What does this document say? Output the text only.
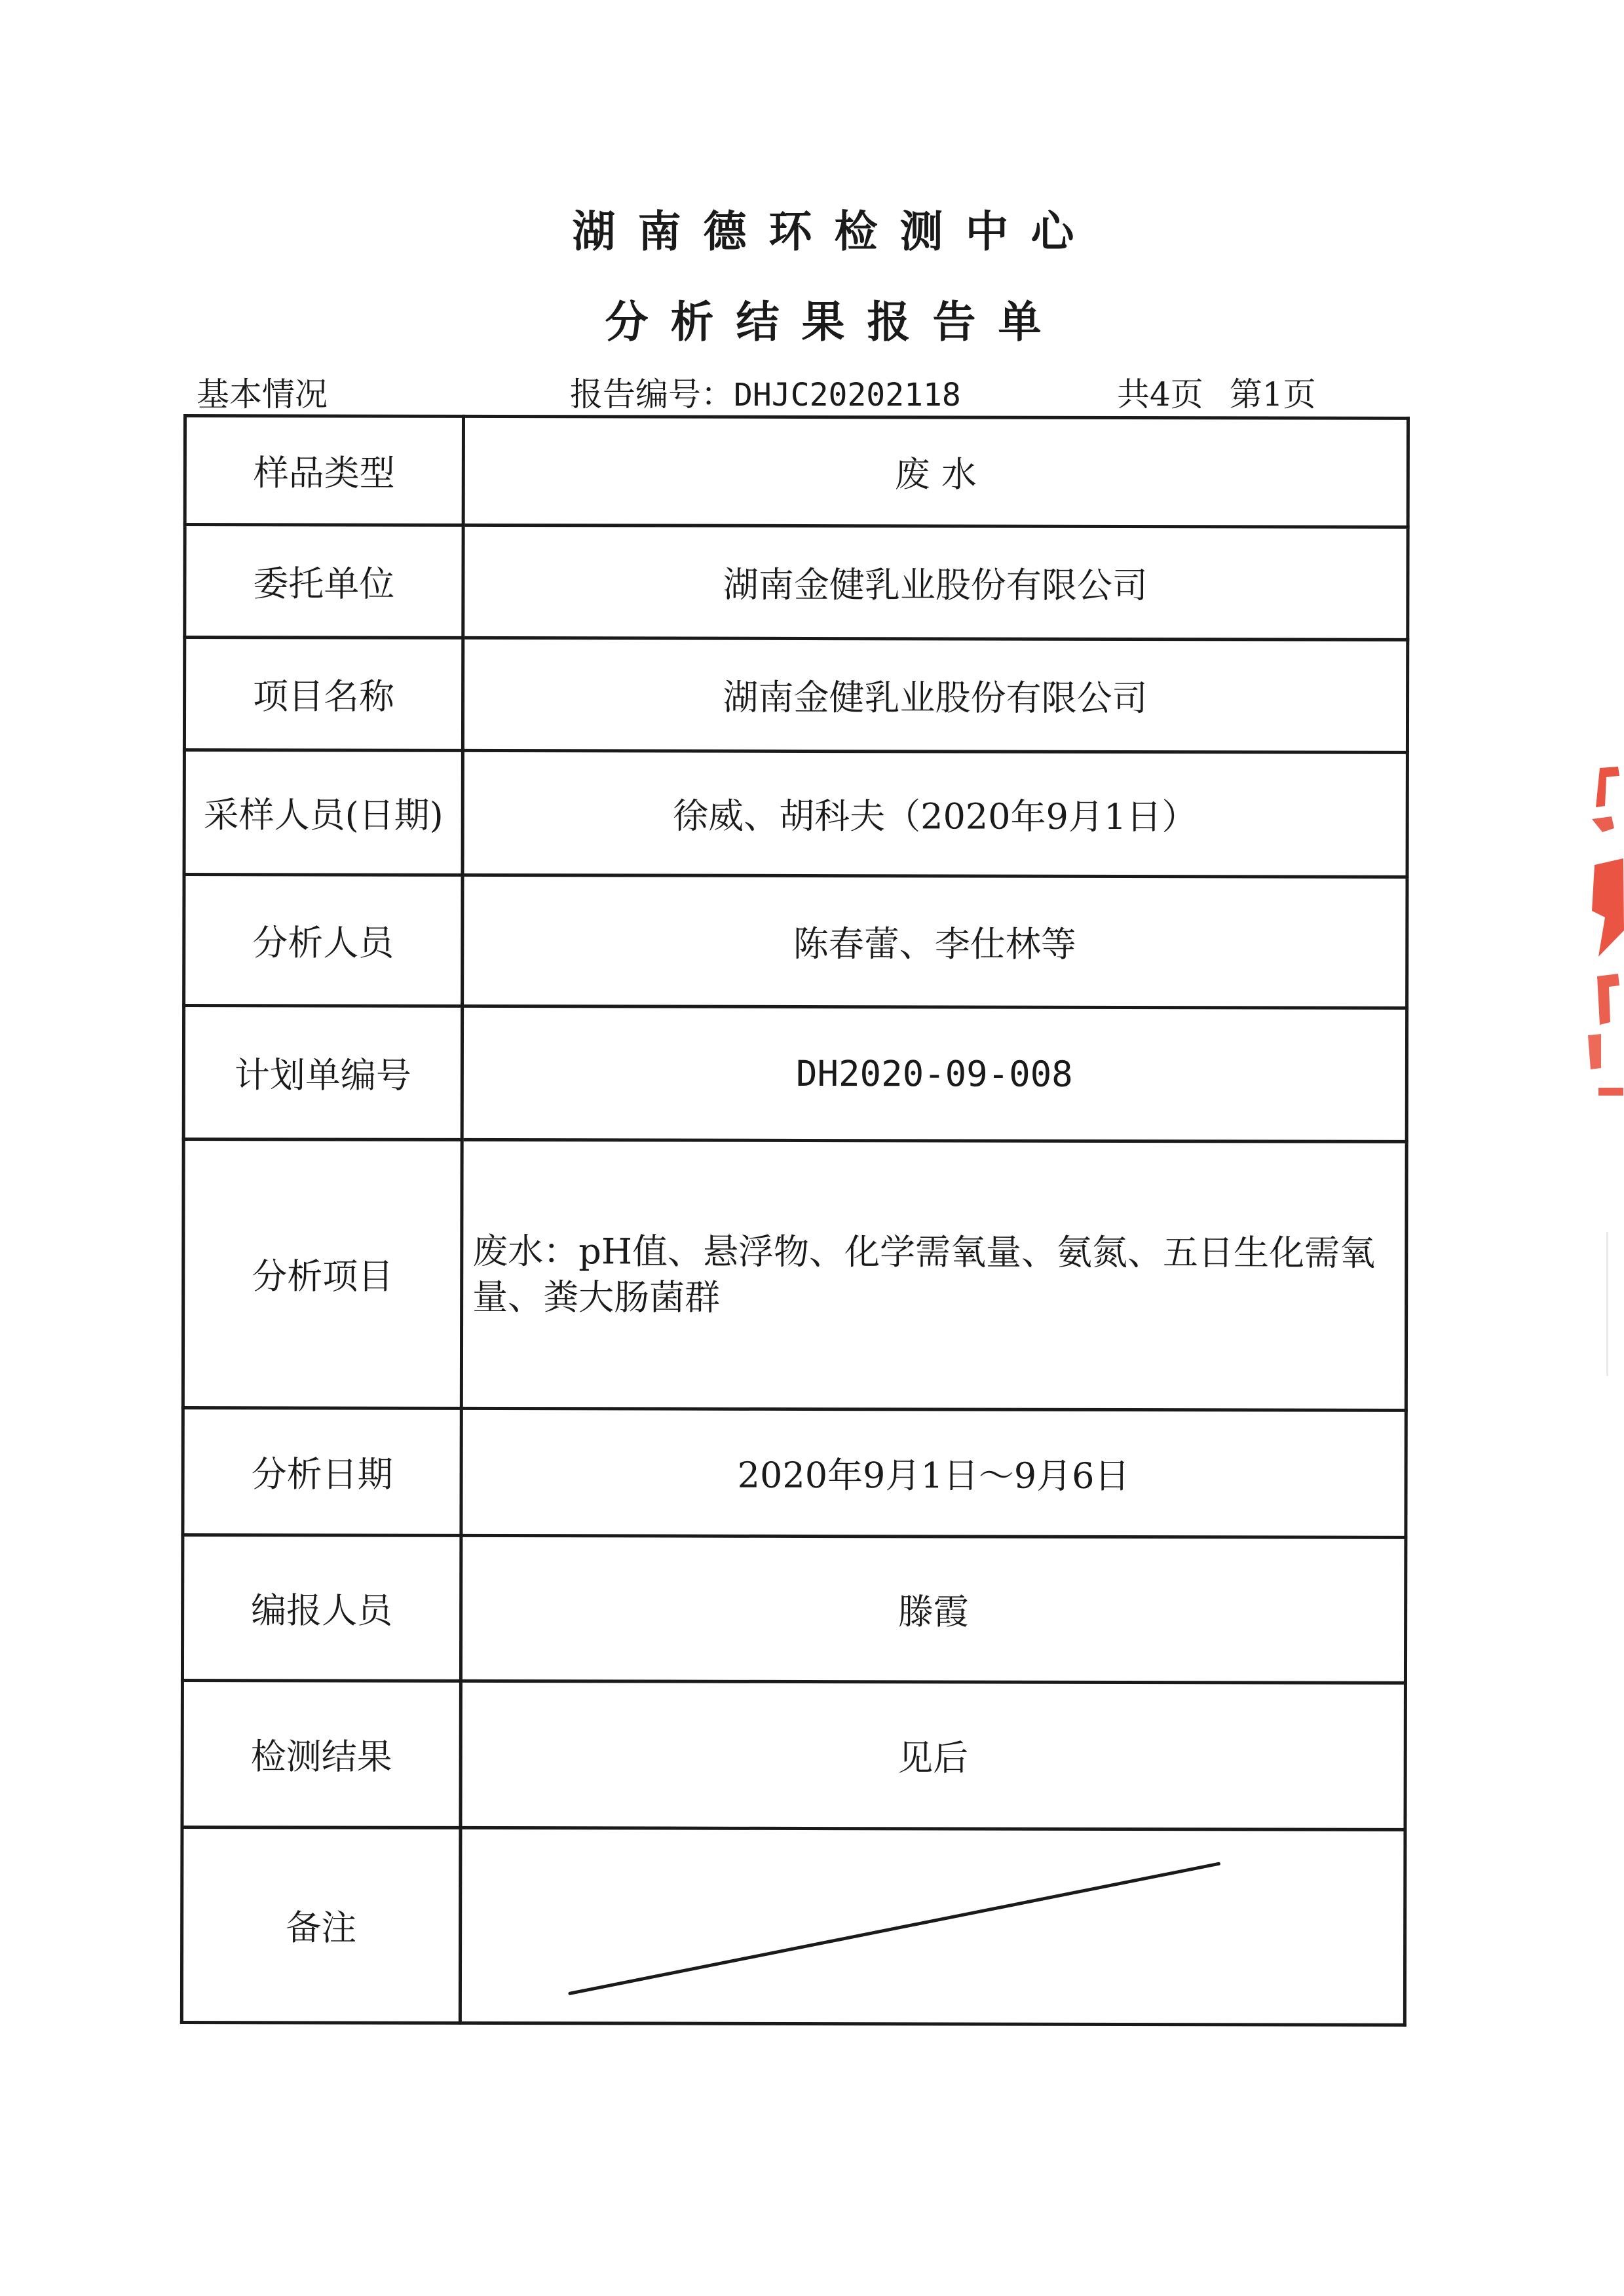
湖南德环检测中心
分析结果报告单
基本情况	报告编号：DHJC20202118	共4页 第1页
样品类型	废 水
委托单位	湖南金健乳业股份有限公司
项目名称	湖南金健乳业股份有限公司
采样人员(日期)	徐威、胡科夫（2020年9月1日）
分析人员	陈春蕾、李仕林等
计划单编号	DH2020-09-008
分析项目	废水：pH值、悬浮物、化学需氧量、氨氮、五日生化需氧量、粪大肠菌群
分析日期	2020年9月1日～9月6日
编报人员	滕霞
检测结果	见后
备注	
